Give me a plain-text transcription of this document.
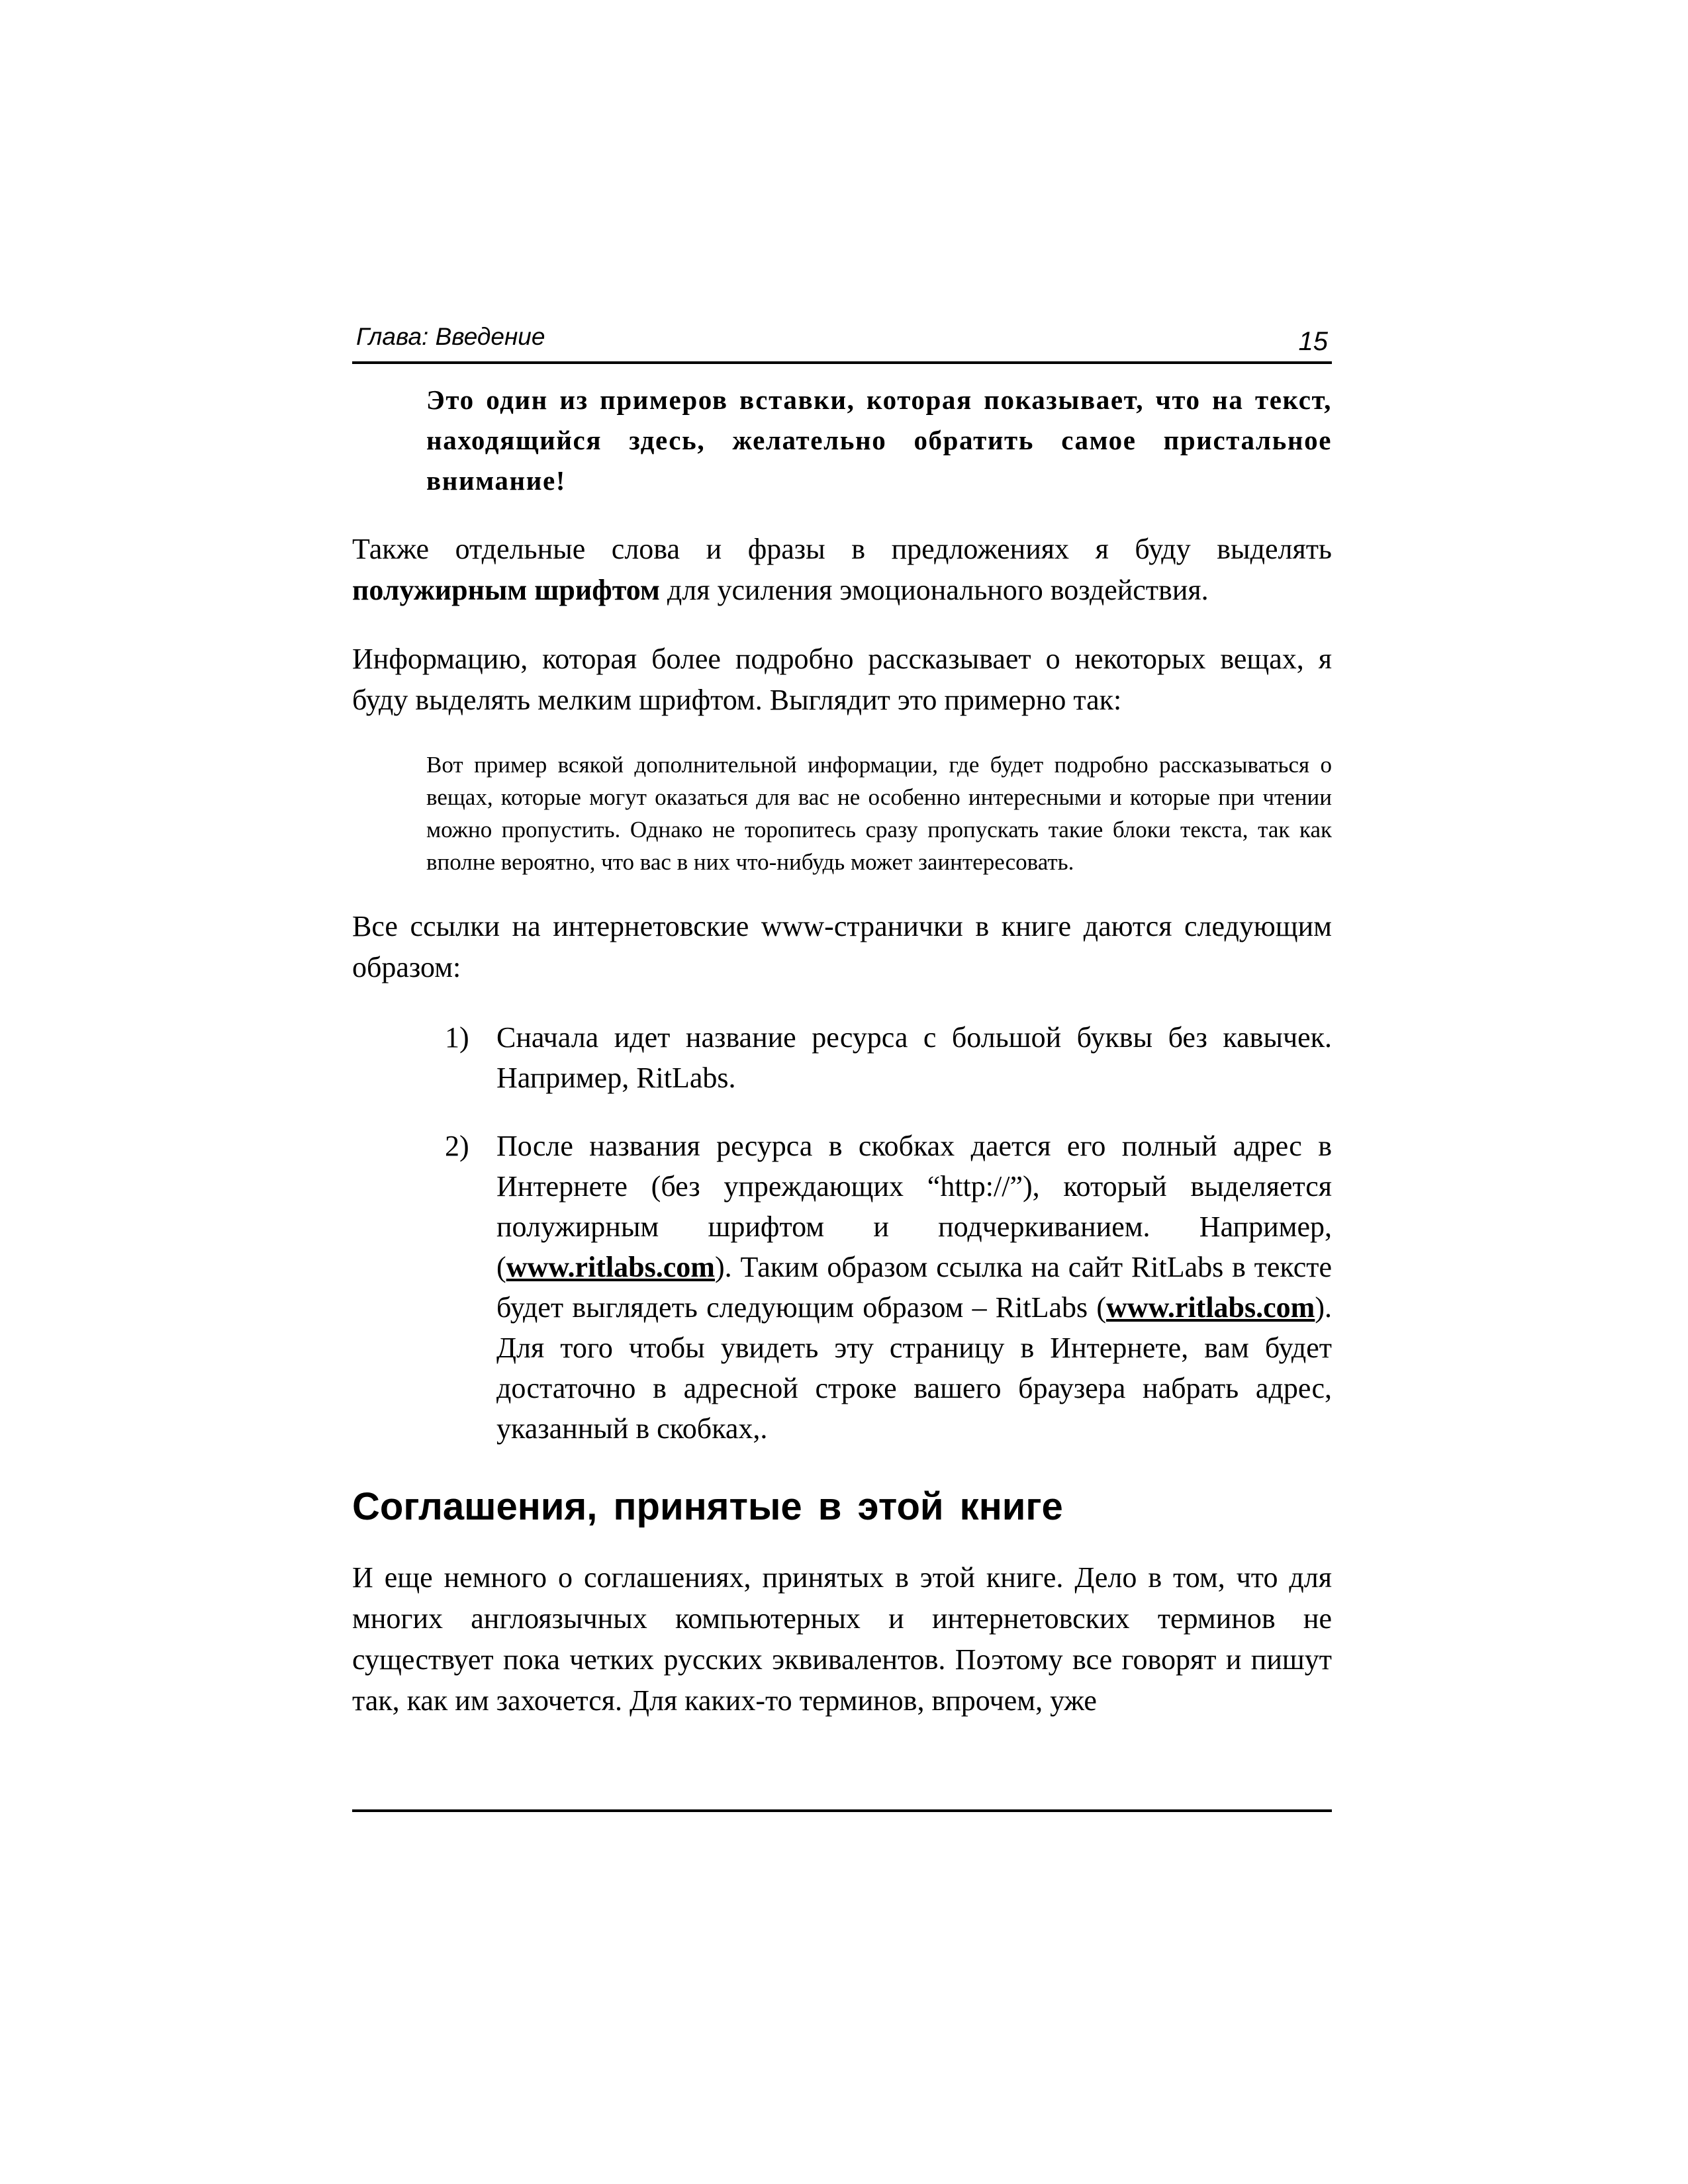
Глава: Введение	15

Это один из примеров вставки, которая показывает, что на текст, находящийся здесь, желательно обратить самое пристальное внимание!

Также отдельные слова и фразы в предложениях я буду выделять полужирным шрифтом для усиления эмоционального воздействия.

Информацию, которая более подробно рассказывает о некоторых вещах, я буду выделять мелким шрифтом. Выглядит это примерно так:

Вот пример всякой дополнительной информации, где будет подробно рассказываться о вещах, которые могут оказаться для вас не особенно интересными и которые при чтении можно пропустить. Однако не торопитесь сразу пропускать такие блоки текста, так как вполне вероятно, что вас в них что-нибудь может заинтересовать.

Все ссылки на интернетовские www-странички в книге даются следующим образом:

1) Сначала идет название ресурса с большой буквы без кавычек. Например, RitLabs.
2) После названия ресурса в скобках дается его полный адрес в Интернете (без упреждающих “http://”), который выделяется полужирным шрифтом и подчеркиванием. Например, (www.ritlabs.com). Таким образом ссылка на сайт RitLabs в тексте будет выглядеть следующим образом – RitLabs (www.ritlabs.com). Для того чтобы увидеть эту страницу в Интернете, вам будет достаточно в адресной строке вашего браузера набрать адрес, указанный в скобках,.
Соглашения, принятые в этой книге

И еще немного о соглашениях, принятых в этой книге. Дело в том, что для многих англоязычных компьютерных и интернетовских терминов не существует пока четких русских эквивалентов. Поэтому все говорят и пишут так, как им захочется. Для каких-то терминов, впрочем, уже
